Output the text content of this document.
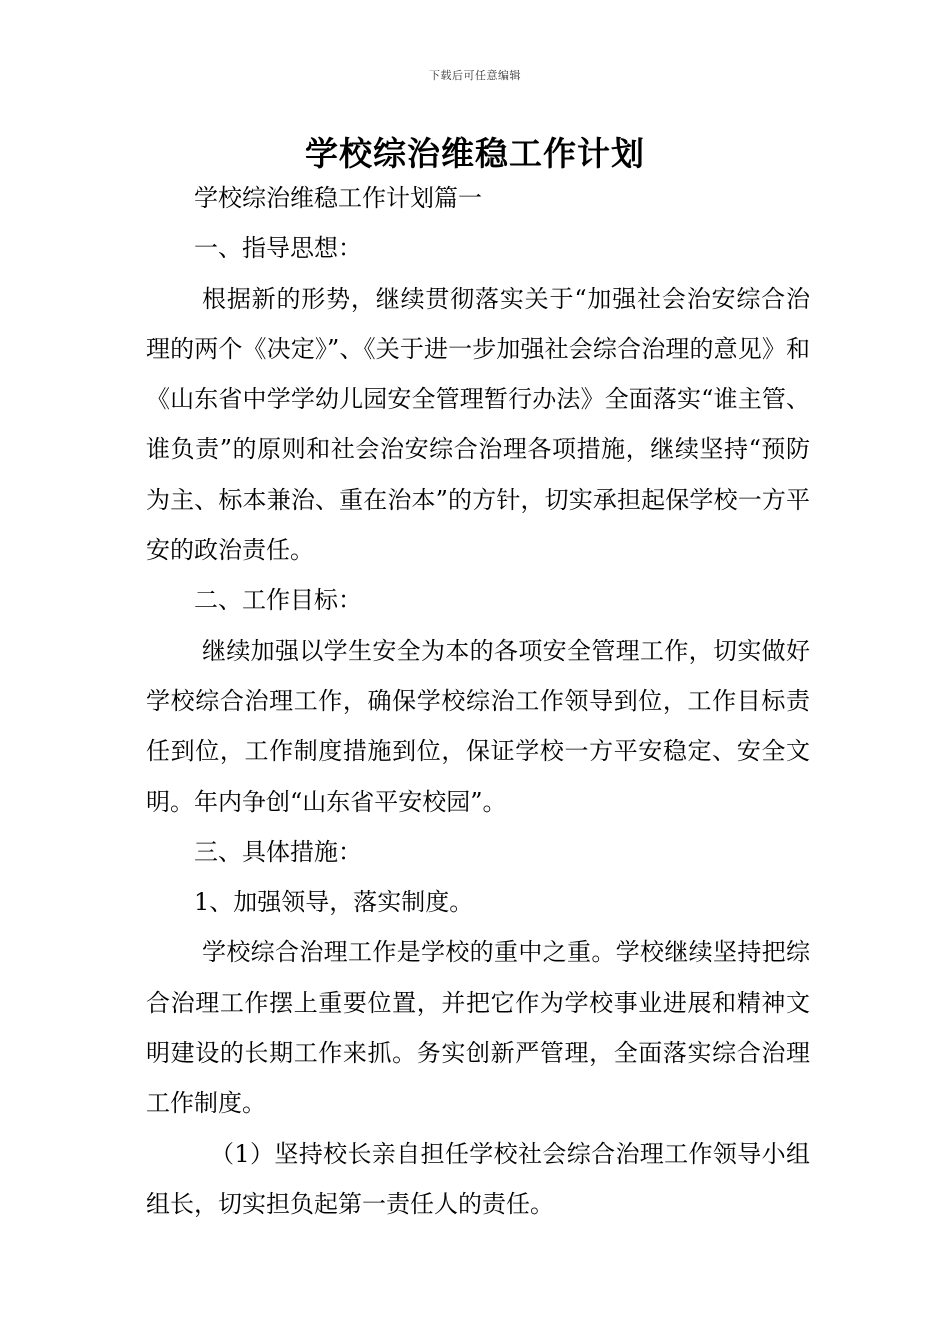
下载后可任意编辑
学校综治维稳工作计划

学校综治维稳工作计划篇一

一、指导思想：

根据新的形势，继续贯彻落实关于“加强社会治安综合治理的两个《决定》”、《关于进一步加强社会综合治理的意见》和《山东省中学学幼儿园安全管理暂行办法》全面落实“谁主管、谁负责”的原则和社会治安综合治理各项措施，继续坚持“预防为主、标本兼治、重在治本”的方针，切实承担起保学校一方平安的政治责任。

二、工作目标：

继续加强以学生安全为本的各项安全管理工作，切实做好学校综合治理工作，确保学校综治工作领导到位，工作目标责任到位，工作制度措施到位，保证学校一方平安稳定、安全文明。年内争创“山东省平安校园”。

三、具体措施：

1、加强领导，落实制度。

学校综合治理工作是学校的重中之重。学校继续坚持把综合治理工作摆上重要位置，并把它作为学校事业进展和精神文明建设的长期工作来抓。务实创新严管理，全面落实综合治理工作制度。

（1）坚持校长亲自担任学校社会综合治理工作领导小组组长，切实担负起第一责任人的责任。
